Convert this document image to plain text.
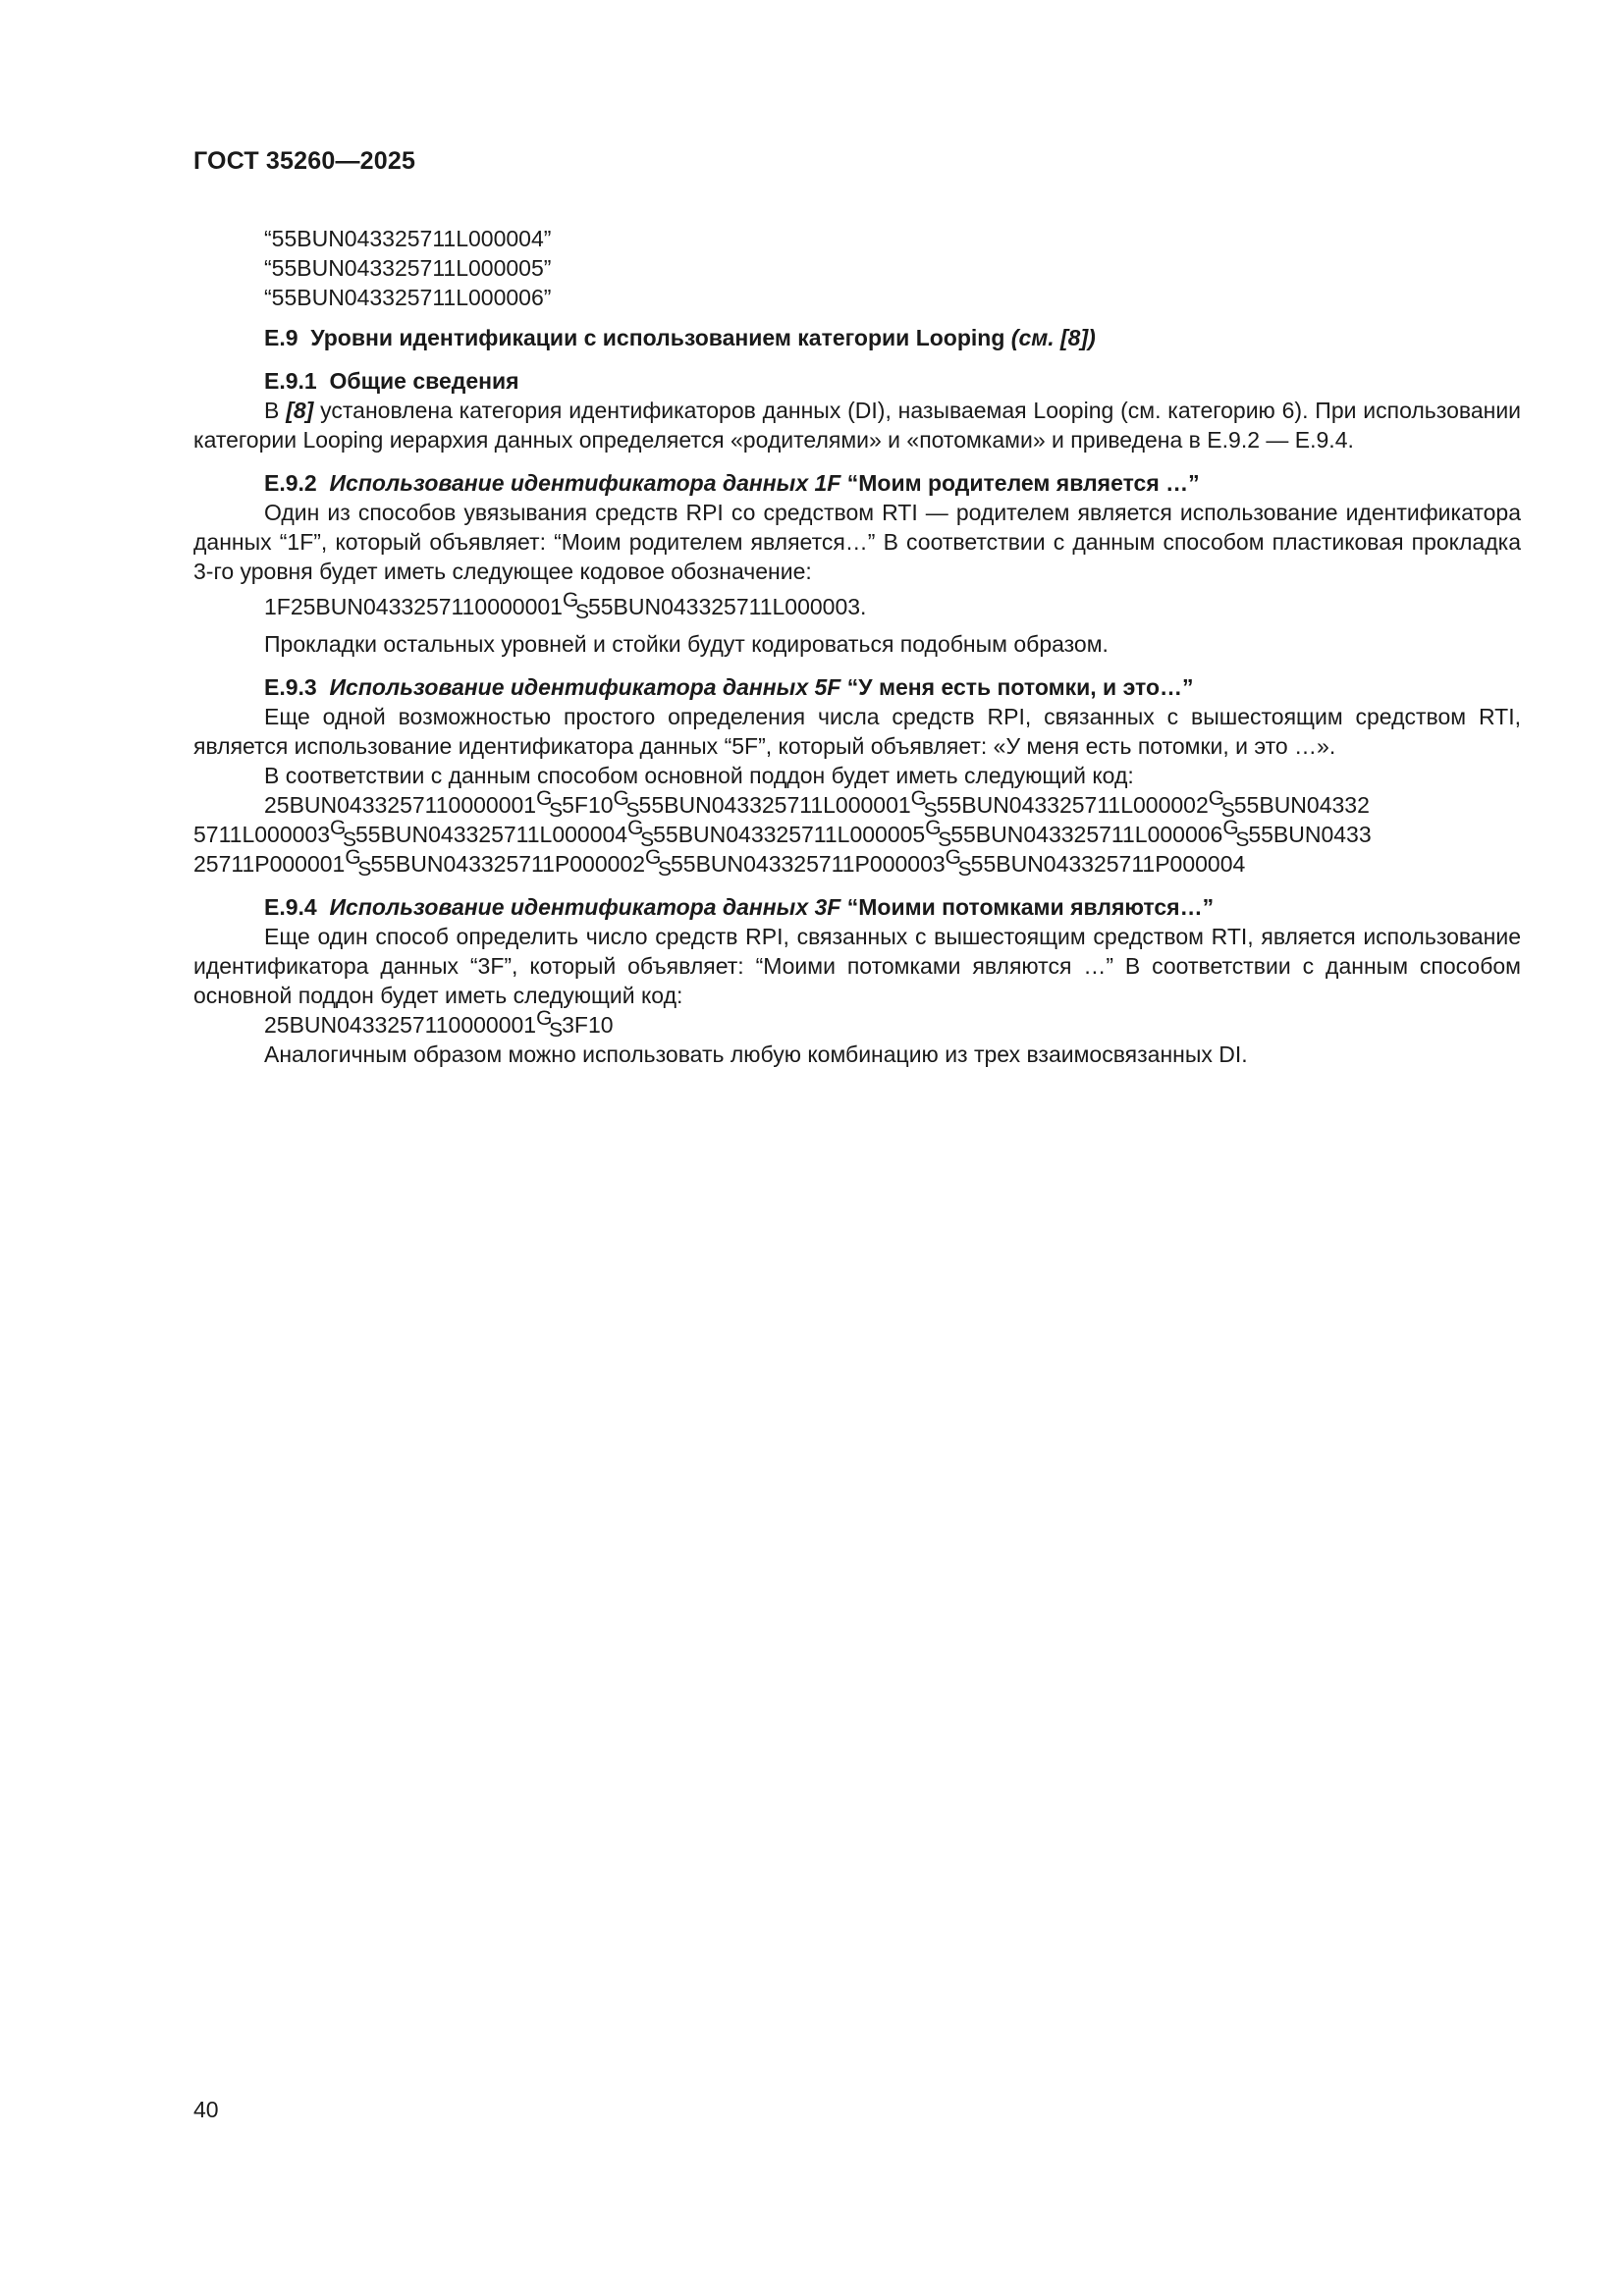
ГОСТ 35260—2025
“55BUN043325711L000004”
“55BUN043325711L000005”
“55BUN043325711L000006”
Е.9 Уровни идентификации с использованием категории Looping (см. [8])
Е.9.1 Общие сведения

В [8] установлена категория идентификаторов данных (DI), называемая Looping (см. категорию 6). При использовании категории Looping иерархия данных определяется «родителями» и «потомками» и приведена в Е.9.2 — Е.9.4.

Е.9.2 Использование идентификатора данных 1F “Моим родителем является …”

Один из способов увязывания средств RPI со средством RTI — родителем является использование идентификатора данных “1F”, который объявляет: “Моим родителем является…” В соответствии с данным способом пластиковая прокладка 3-го уровня будет иметь следующее кодовое обозначение:

1F25BUN0433257110000001 G
S
55BUN043325711L000003.

Прокладки остальных уровней и стойки будут кодироваться подобным образом.

Е.9.3 Использование идентификатора данных 5F “У меня есть потомки, и это…”

Еще одной возможностью простого определения числа средств RPI, связанных с вышестоящим средством RTI, является использование идентификатора данных “5F”, который объявляет: «У меня есть потомки, и это …».

В соответствии с данным способом основной поддон будет иметь следующий код:

25BUN0433257110000001 G
S
5F10 G
S
55BUN043325711L000001 G
S
55BUN043325711L000002 G
S
55BUN04332
5711L000003 G
S
55BUN043325711L000004 G
S
55BUN043325711L000005 G
S
55BUN043325711L000006 G
S
55BUN0433
25711P000001 G
S
55BUN043325711P000002 G
S
55BUN043325711P000003 G
S
55BUN043325711P000004
Е.9.4 Использование идентификатора данных 3F “Моими потомками являются…”

Еще один способ определить число средств RPI, связанных с вышестоящим средством RTI, является использование идентификатора данных “3F”, который объявляет: “Моими потомками являются …” В соответствии с данным способом основной поддон будет иметь следующий код:

25BUN0433257110000001 G
S
3F10

Аналогичным образом можно использовать любую комбинацию из трех взаимосвязанных DI.

40
